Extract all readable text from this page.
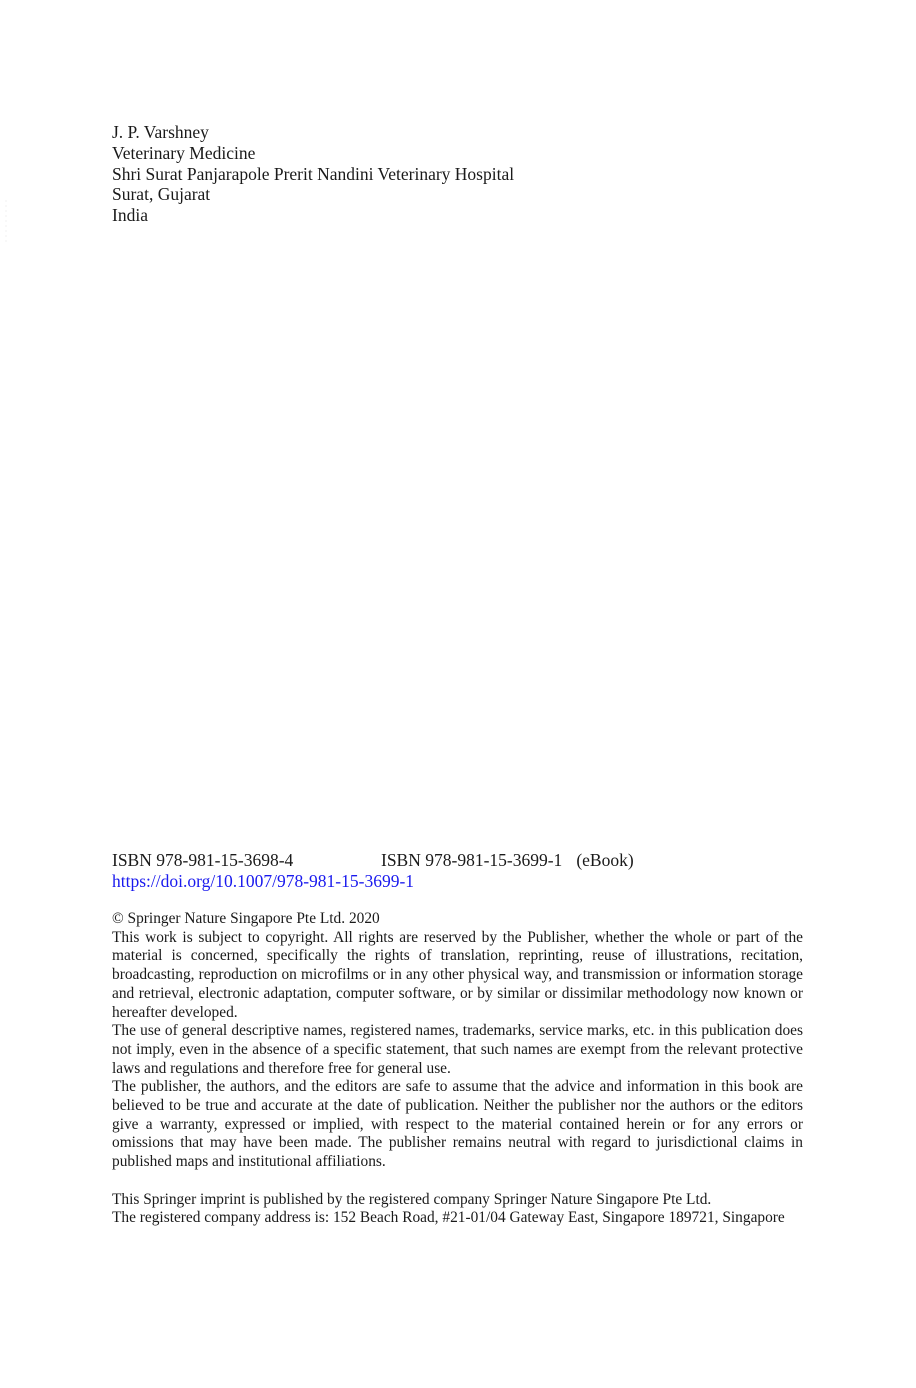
J. P. Varshney
Veterinary Medicine
Shri Surat Panjarapole Prerit Nandini Veterinary Hospital
Surat, Gujarat
India
ISBN 978-981-15-3698-4	ISBN 978-981-15-3699-1 (eBook)
https://doi.org/10.1007/978-981-15-3699-1

© Springer Nature Singapore Pte Ltd. 2020

This work is subject to copyright. All rights are reserved by the Publisher, whether the whole or part of the material is concerned, specifically the rights of translation, reprinting, reuse of illustrations, recitation, broadcasting, reproduction on microfilms or in any other physical way, and transmission or information storage and retrieval, electronic adaptation, computer software, or by similar or dissimilar methodology now known or hereafter developed.

The use of general descriptive names, registered names, trademarks, service marks, etc. in this publication does not imply, even in the absence of a specific statement, that such names are exempt from the relevant protective laws and regulations and therefore free for general use.

The publisher, the authors, and the editors are safe to assume that the advice and information in this book are believed to be true and accurate at the date of publication. Neither the publisher nor the authors or the editors give a warranty, expressed or implied, with respect to the material contained herein or for any errors or omissions that may have been made. The publisher remains neutral with regard to jurisdictional claims in published maps and institutional affiliations.

This Springer imprint is published by the registered company Springer Nature Singapore Pte Ltd.

The registered company address is: 152 Beach Road, #21-01/04 Gateway East, Singapore 189721, Singapore
